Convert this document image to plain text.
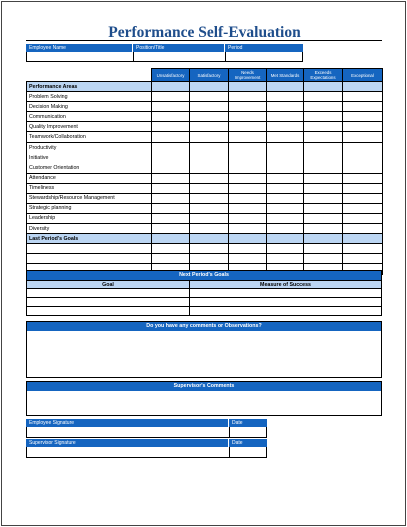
Performance Self-Evaluation
Employee Name	Position/Title	Period
	Unsatisfactory	Satisfactory	Needs Improvement	Met Standards	Exceeds Expectations	Exceptional
Performance Areas						
Problem Solving						
Decision Making						
Communication						
Quality Improvement						
Teamwork/Collaboration						

Productivity
Initiative
Customer Orientation						

Attendance						
Timeliness						
Stewardship/Resource Management						
Strategic planning						
Leadership						
Diversity						
Last Period's Goals						

Next Period's Goals
Goal	Measure of Success
Do you have any comments or Observations?
Supervisor's Comments
Employee Signature	Date
Supervisor Signature	Date
